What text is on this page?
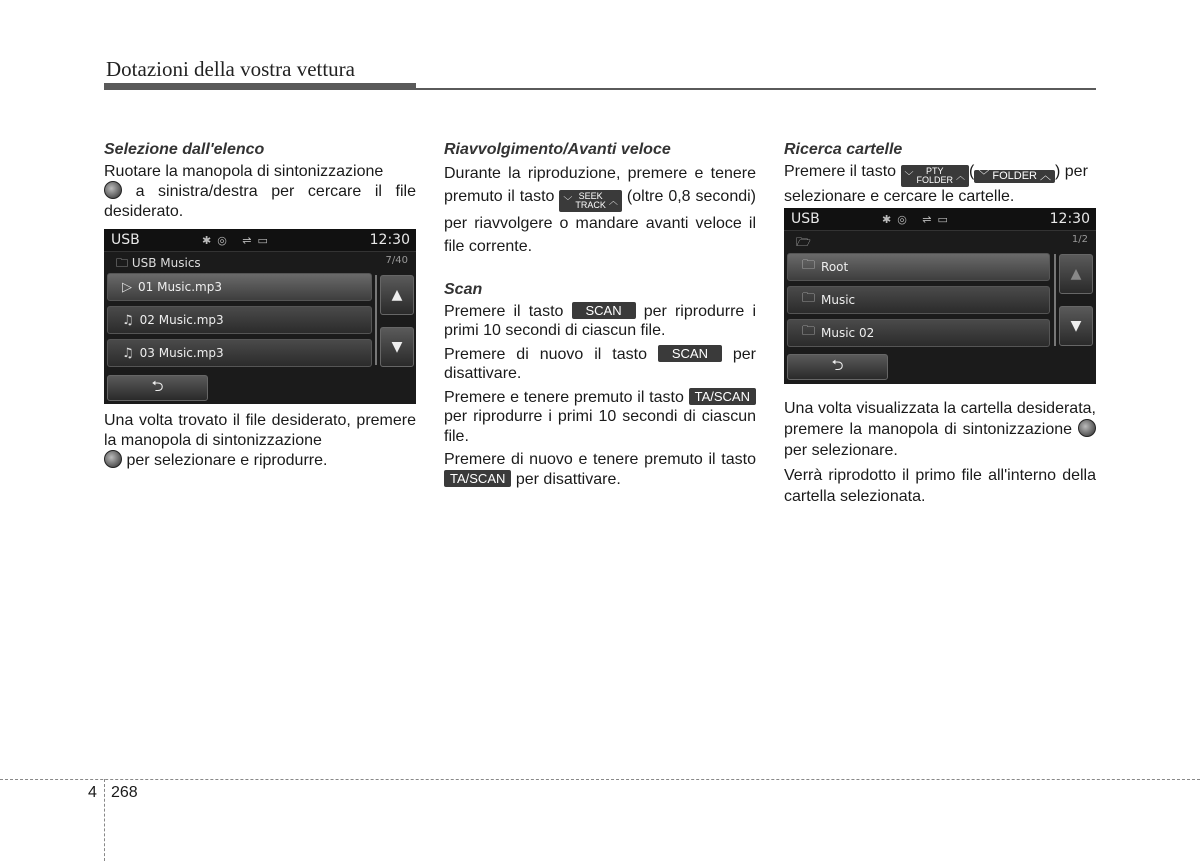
Dotazioni della vostra vettura
Selezione dall'elenco

Ruotare la manopola di sintonizzazione
a sinistra/destra per cercare il file desiderato.

USB	✱◎ ⇌▭	12:30
🗀 USB Musics	7/40
▷ 01 Music.mp3
♫ 02 Music.mp3
♫ 03 Music.mp3
▲
▼
⮌

Una volta trovato il file desiderato, premere la manopola di sintonizzazione
per selezionare e riprodurre.

Riavvolgimento/Avanti veloce

Durante la riproduzione, premere e tenere premuto il tasto ﹀ SEEK
TRACK ︿ (oltre 0,8 secondi) per riavvolgere o mandare avanti veloce il file corrente.

Scan

Premere il tasto SCAN per riprodurre i primi 10 secondi di ciascun file.

Premere di nuovo il tasto SCAN per disattivare.

Premere e tenere premuto il tasto TA/SCAN per riprodurre i primi 10 secondi di ciascun file.

Premere di nuovo e tenere premuto il tasto TA/SCAN per disattivare.

Ricerca cartelle

Premere il tasto ﹀ PTY
FOLDER ︿ ( ﹀ FOLDER ︿ ) per selezionare e cercare le cartelle.

USB	✱◎ ⇌▭	12:30
🗁	1/2
🗀 Root
🗀 Music
🗀 Music 02
▲
▼
⮌

Una volta visualizzata la cartella desiderata, premere la manopola di sintonizzazione  per selezionare.

Verrà riprodotto il primo file all'interno della cartella selezionata.

4 268
